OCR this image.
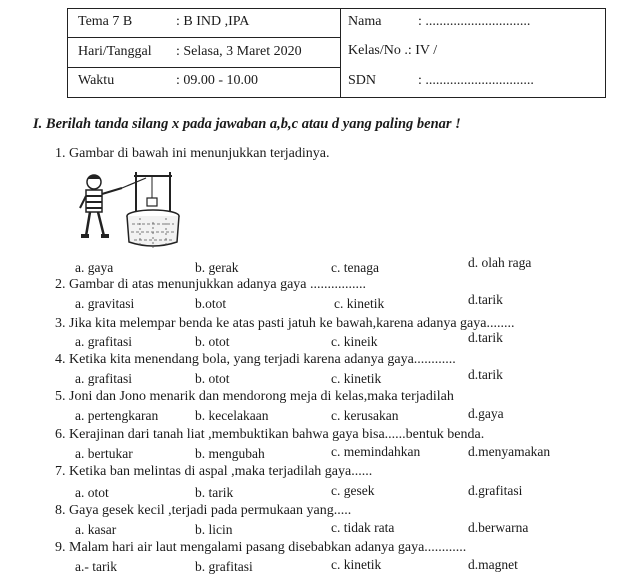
Tema 7 B	: B IND ,IPA
Hari/Tanggal : Selasa, 3 Maret 2020
Waktu	: 09.00 - 10.00
Nama	: ..............................
Kelas/No .: IV /
SDN	: ...............................
I. Berilah tanda silang x pada jawaban a,b,c atau d yang paling benar !
1. Gambar di bawah ini menunjukkan terjadinya.
a. gaya	b. gerak	c. tenaga	d. olah raga
2. Gambar di atas menunjukkan adanya gaya ................
a. gravitasi	b.otot	c. kinetik	d.tarik
3. Jika kita melempar benda ke atas pasti jatuh ke bawah,karena adanya gaya........
a. grafitasi	b. otot	c. kineik	d.tarik
4. Ketika kita menendang bola, yang terjadi karena adanya gaya............
a. grafitasi	b. otot	c. kinetik	d.tarik
5. Joni dan Jono menarik dan mendorong meja di kelas,maka terjadilah
a. pertengkaran	b. kecelakaan	c. kerusakan	d.gaya
6. Kerajinan dari tanah liat ,membuktikan bahwa gaya bisa......bentuk benda.
a. bertukar	b. mengubah	c. memindahkan	d.menyamakan
7. Ketika ban melintas di aspal ,maka terjadilah gaya......
a. otot	b. tarik	c. gesek	d.grafitasi
8. Gaya gesek kecil ,terjadi pada permukaan yang.....
a. kasar	b. licin	c. tidak rata	d.berwarna
9. Malam hari air laut mengalami pasang disebabkan adanya gaya............
a.- tarik	b. grafitasi	c. kinetik	d.magnet
